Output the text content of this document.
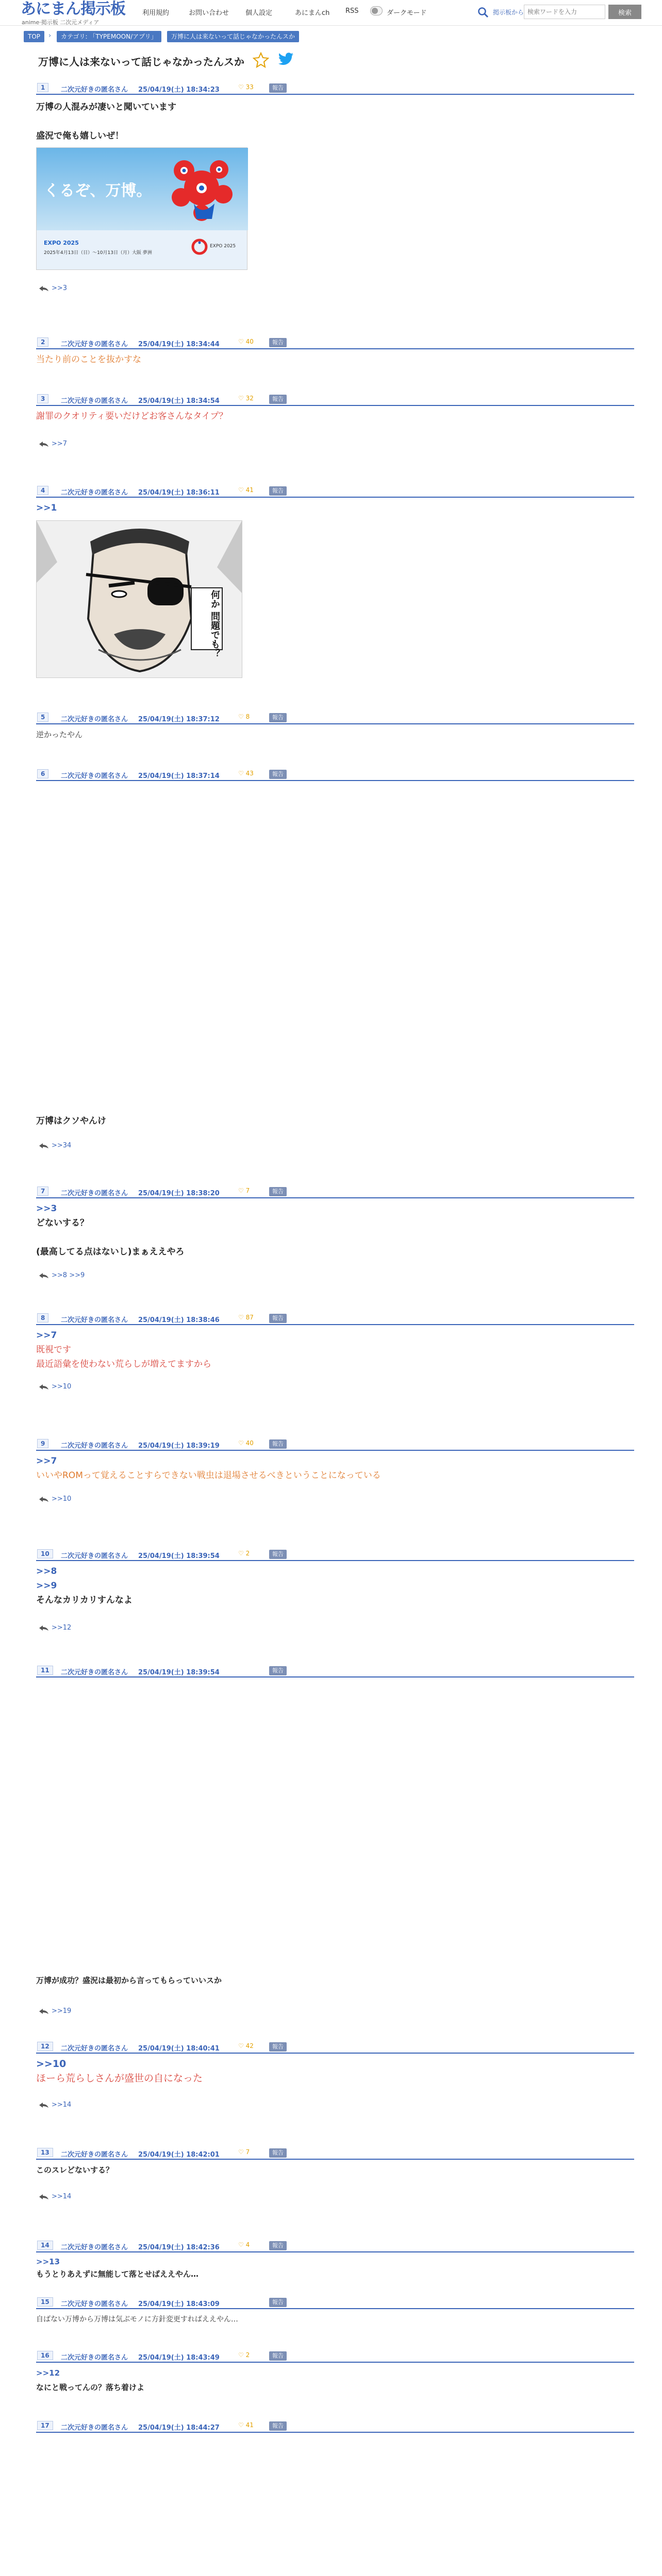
あにまん掲示板
anime·掲示板 二次元メディア
利用規約	お問い合わせ 個人設定	あにまんch RSS	ダークモード	掲示板から
検索ワードを入力	検索
TOP	›	カテゴリ: 「TYPEMOON/アプリ」 ›	万博に人は来ないって話じゃなかったんスか
万博に人は来ないって話じゃなかったんスか
1	二次元好きの匿名さん 25/04/19(土) 18:34:23	♡ 33	報告
万博の人混みが凄いと聞いています
盛況で俺も嬉しいぜ！
くるぞ、万博。
EXPO 2025
2025年4月13日（日）〜10月13日（月）大阪 夢洲
EXPO 2025
>>3
2	二次元好きの匿名さん 25/04/19(土) 18:34:44	♡ 40	報告
当たり前のことを抜かすな
3	二次元好きの匿名さん 25/04/19(土) 18:34:54	♡ 32	報告
謝罪のクオリティ要いだけどお客さんなタイプ？
>>7
4	二次元好きの匿名さん 25/04/19(土) 18:36:11	♡ 41	報告
>>1
何か 問題でも？
5	二次元好きの匿名さん 25/04/19(土) 18:37:12	♡ 8	報告
逆かったやん
6	二次元好きの匿名さん 25/04/19(土) 18:37:14	♡ 43	報告
万博はクソやんけ
>>34
7	二次元好きの匿名さん 25/04/19(土) 18:38:20	♡ 7	報告
>>3
どないする？
(最高してる点はないし)まぁええやろ
>>8 >>9
8	二次元好きの匿名さん 25/04/19(土) 18:38:46	♡ 87	報告
>>7
既視です
最近語彙を使わない荒らしが増えてますから
>>10
9	二次元好きの匿名さん 25/04/19(土) 18:39:19	♡ 40	報告
>>7
いいやROMって覚えることすらできない戦虫は退場させるべきということになっている
>>10
10	二次元好きの匿名さん 25/04/19(土) 18:39:54	♡ 2	報告
>>8
>>9
そんなカリカリすんなよ
>>12
11	二次元好きの匿名さん 25/04/19(土) 18:39:54	報告
万博が成功？盛況は最初から言ってもらっていいスか
>>19
12	二次元好きの匿名さん 25/04/19(土) 18:40:41	♡ 42	報告
>>10
ほーら荒らしさんが盛世の自になった
>>14
13	二次元好きの匿名さん 25/04/19(土) 18:42:01	♡ 7	報告
このスレどないする？
>>14
14	二次元好きの匿名さん 25/04/19(土) 18:42:36	♡ 4	報告
>>13
もうとりあえずに無能して落とせばええやん…
15	二次元好きの匿名さん 25/04/19(土) 18:43:09	報告
自ばない万博から万博は気ぶモノに方針変更すればええやん…
16	二次元好きの匿名さん 25/04/19(土) 18:43:49	♡ 2	報告
>>12
なにと戦ってんの？落ち着けよ
17	二次元好きの匿名さん 25/04/19(土) 18:44:27	♡ 41	報告
